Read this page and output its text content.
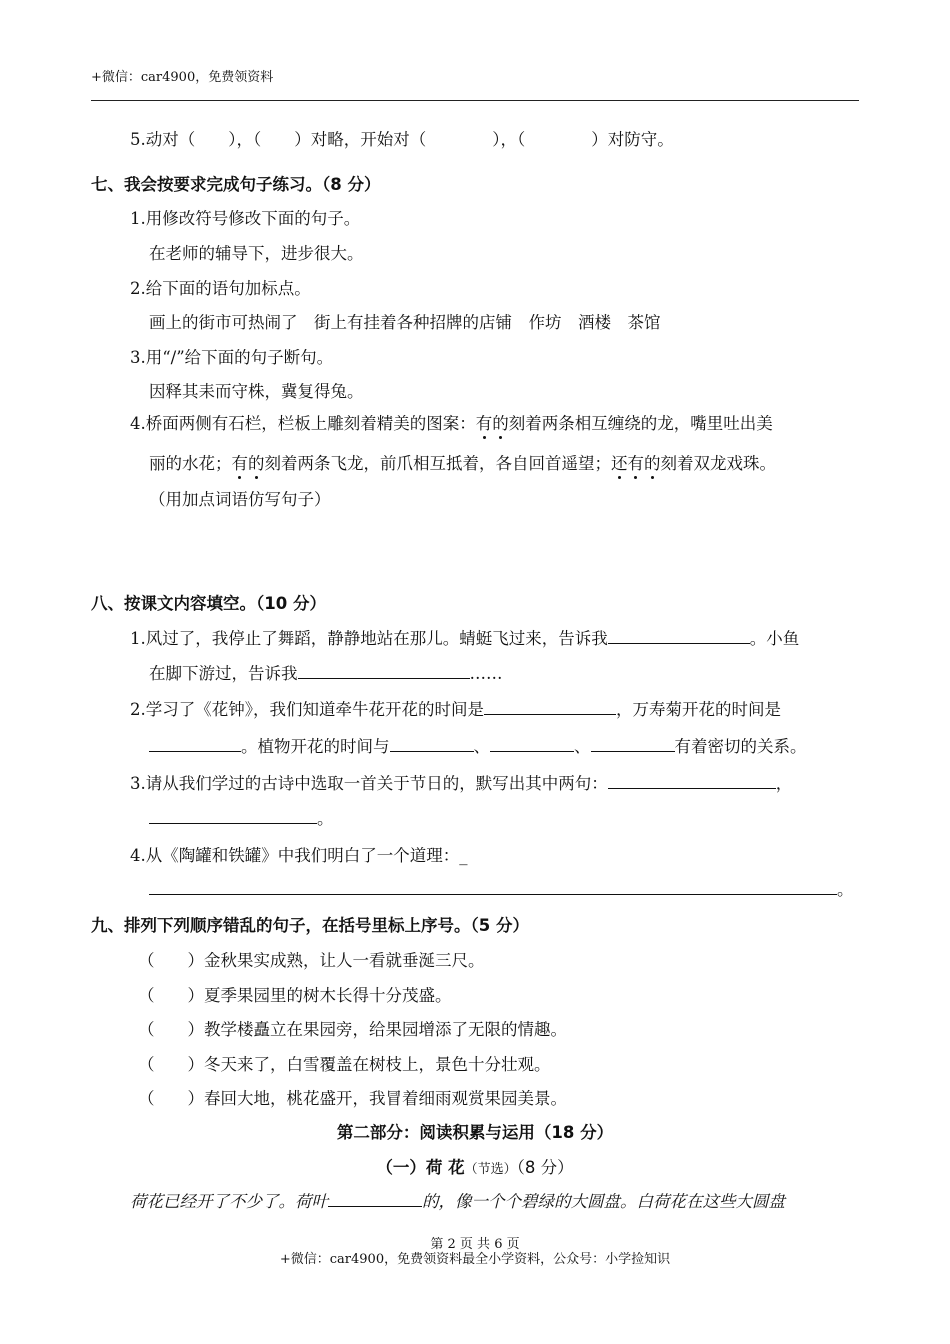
+微信：car4900，免费领资料
5.动对（　　），（　　）对略，开始对（　　　　），（　　　　）对防守。
七、我会按要求完成句子练习。（8 分）
1.用修改符号修改下面的句子。
在老师的辅导下，进步很大。
2.给下面的语句加标点。
画上的街市可热闹了　街上有挂着各种招牌的店铺　作坊　酒楼　茶馆
3.用“/”给下面的句子断句。
因释其耒而守株，冀复得兔。
4.桥面两侧有石栏，栏板上雕刻着精美的图案：有的刻着两条相互缠绕的龙，嘴里吐出美
丽的水花；有的刻着两条飞龙，前爪相互抵着，各自回首遥望；还有的刻着双龙戏珠。
（用加点词语仿写句子）
八、按课文内容填空。（10 分）
1.风过了，我停止了舞蹈，静静地站在那儿。蜻蜓飞过来，告诉我	。小鱼
在脚下游过，告诉我	……
2.学习了《花钟》，我们知道牵牛花开花的时间是	，万寿菊开花的时间是
。植物开花的时间与	、	、	有着密切的关系。
3.请从我们学过的古诗中选取一首关于节日的，默写出其中两句：	，
。
4.从《陶罐和铁罐》中我们明白了一个道理：_
。
九、排列下列顺序错乱的句子，在括号里标上序号。（5 分）
（　　）金秋果实成熟，让人一看就垂涎三尺。
（　　）夏季果园里的树木长得十分茂盛。
（　　）教学楼矗立在果园旁，给果园增添了无限的情趣。
（　　）冬天来了，白雪覆盖在树枝上，景色十分壮观。
（　　）春回大地，桃花盛开，我冒着细雨观赏果园美景。
第二部分：阅读积累与运用（18 分）
（一）荷 花（节选）（8 分）
荷花已经开了不少了。荷叶	的，像一个个碧绿的大圆盘。白荷花在这些大圆盘
第 2 页 共 6 页
+微信：car4900，免费领资料最全小学资料，公众号：小学捡知识
